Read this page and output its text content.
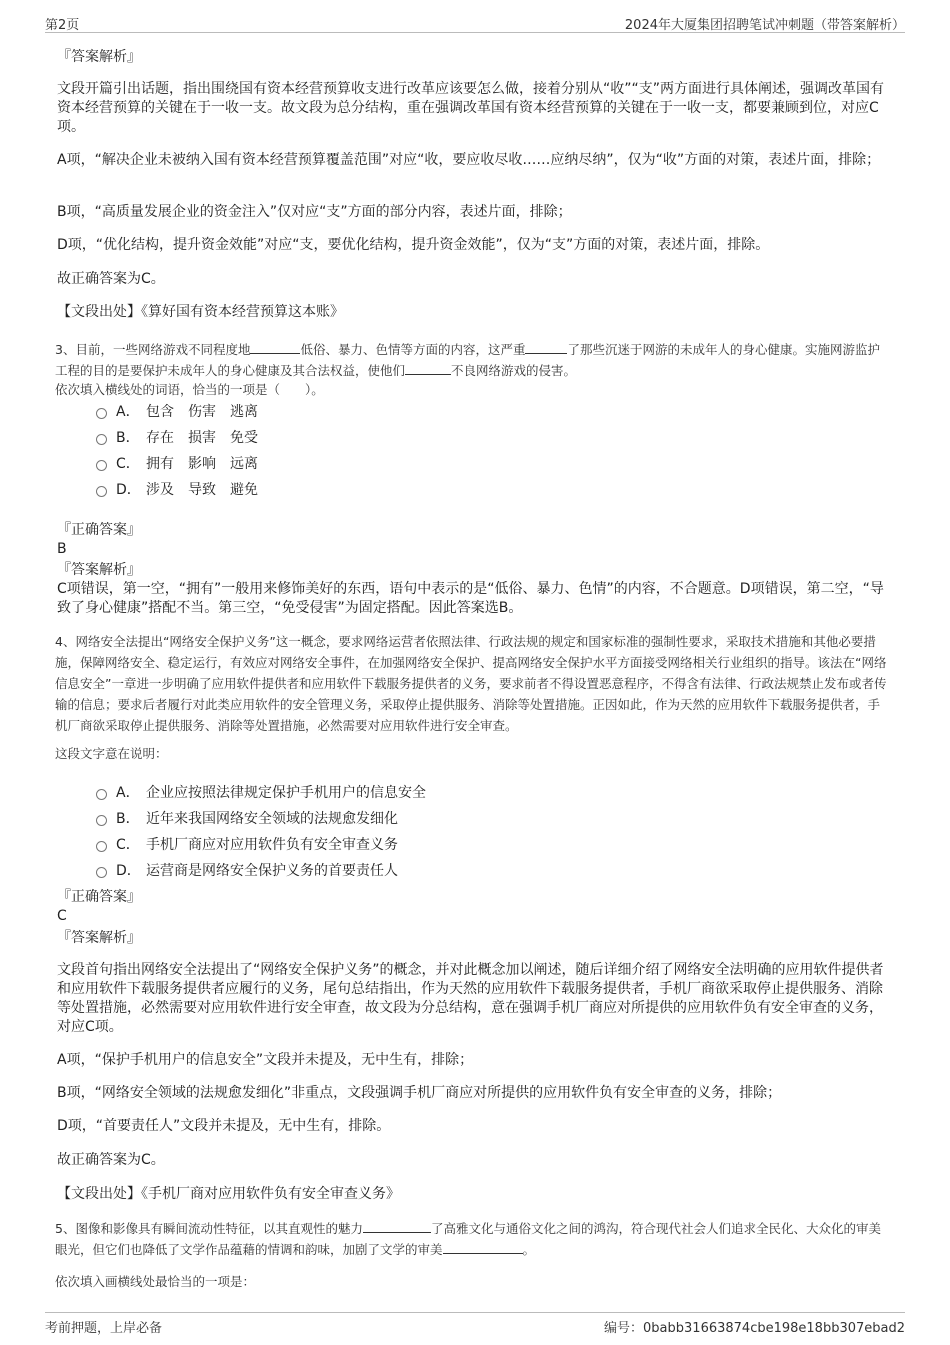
第2页	2024年大厦集团招聘笔试冲刺题（带答案解析）
『答案解析』
文段开篇引出话题，指出围绕国有资本经营预算收支进行改革应该要怎么做，接着分别从“收”“支”两方面进行具体阐述，强调改革国有资本经营预算的关键在于一收一支。故文段为总分结构，重在强调改革国有资本经营预算的关键在于一收一支，都要兼顾到位，对应C项。
A项，“解决企业未被纳入国有资本经营预算覆盖范围”对应“收，要应收尽收……应纳尽纳”，仅为“收”方面的对策，表述片面，排除；
B项，“高质量发展企业的资金注入”仅对应“支”方面的部分内容，表述片面，排除；
D项，“优化结构，提升资金效能”对应“支，要优化结构，提升资金效能”，仅为“支”方面的对策，表述片面，排除。
故正确答案为C。
【文段出处】《算好国有资本经营预算这本账》
3、目前，一些网络游戏不同程度地	低俗、暴力、色情等方面的内容，这严重	了那些沉迷于网游的未成年人的身心健康。实施网游监护工程的目的是要保护未成年人的身心健康及其合法权益，使他们	不良网络游戏的侵害。
依次填入横线处的词语，恰当的一项是（　　）。
A． 包含 伤害 逃离
B． 存在 损害 免受
C． 拥有 影响 远离
D． 涉及 导致 避免
『正确答案』
B
『答案解析』
C项错误，第一空，“拥有”一般用来修饰美好的东西，语句中表示的是“低俗、暴力、色情”的内容，不合题意。D项错误，第二空，“导致了身心健康”搭配不当。第三空，“免受侵害”为固定搭配。因此答案选B。
4、网络安全法提出“网络安全保护义务”这一概念，要求网络运营者依照法律、行政法规的规定和国家标准的强制性要求，采取技术措施和其他必要措施，保障网络安全、稳定运行，有效应对网络安全事件，在加强网络安全保护、提高网络安全保护水平方面接受网络相关行业组织的指导。该法在“网络信息安全”一章进一步明确了应用软件提供者和应用软件下载服务提供者的义务，要求前者不得设置恶意程序，不得含有法律、行政法规禁止发布或者传输的信息；要求后者履行对此类应用软件的安全管理义务，采取停止提供服务、消除等处置措施。正因如此，作为天然的应用软件下载服务提供者，手机厂商欲采取停止提供服务、消除等处置措施，必然需要对应用软件进行安全审查。
这段文字意在说明：
A． 企业应按照法律规定保护手机用户的信息安全
B． 近年来我国网络安全领域的法规愈发细化
C． 手机厂商应对应用软件负有安全审查义务
D． 运营商是网络安全保护义务的首要责任人
『正确答案』
C
『答案解析』
文段首句指出网络安全法提出了“网络安全保护义务”的概念，并对此概念加以阐述，随后详细介绍了网络安全法明确的应用软件提供者和应用软件下载服务提供者应履行的义务，尾句总结指出，作为天然的应用软件下载服务提供者，手机厂商欲采取停止提供服务、消除等处置措施，必然需要对应用软件进行安全审查，故文段为分总结构，意在强调手机厂商应对所提供的应用软件负有安全审查的义务，对应C项。
A项，“保护手机用户的信息安全”文段并未提及，无中生有，排除；
B项，“网络安全领域的法规愈发细化”非重点，文段强调手机厂商应对所提供的应用软件负有安全审查的义务，排除；
D项，“首要责任人”文段并未提及，无中生有，排除。
故正确答案为C。
【文段出处】《手机厂商对应用软件负有安全审查义务》
5、图像和影像具有瞬间流动性特征，以其直观性的魅力	了高雅文化与通俗文化之间的鸿沟，符合现代社会人们追求全民化、大众化的审美眼光，但它们也降低了文学作品蕴藉的情调和韵味，加剧了文学的审美	。
依次填入画横线处最恰当的一项是：
考前押题，上岸必备	编号：0babb31663874cbe198e18bb307ebad2
